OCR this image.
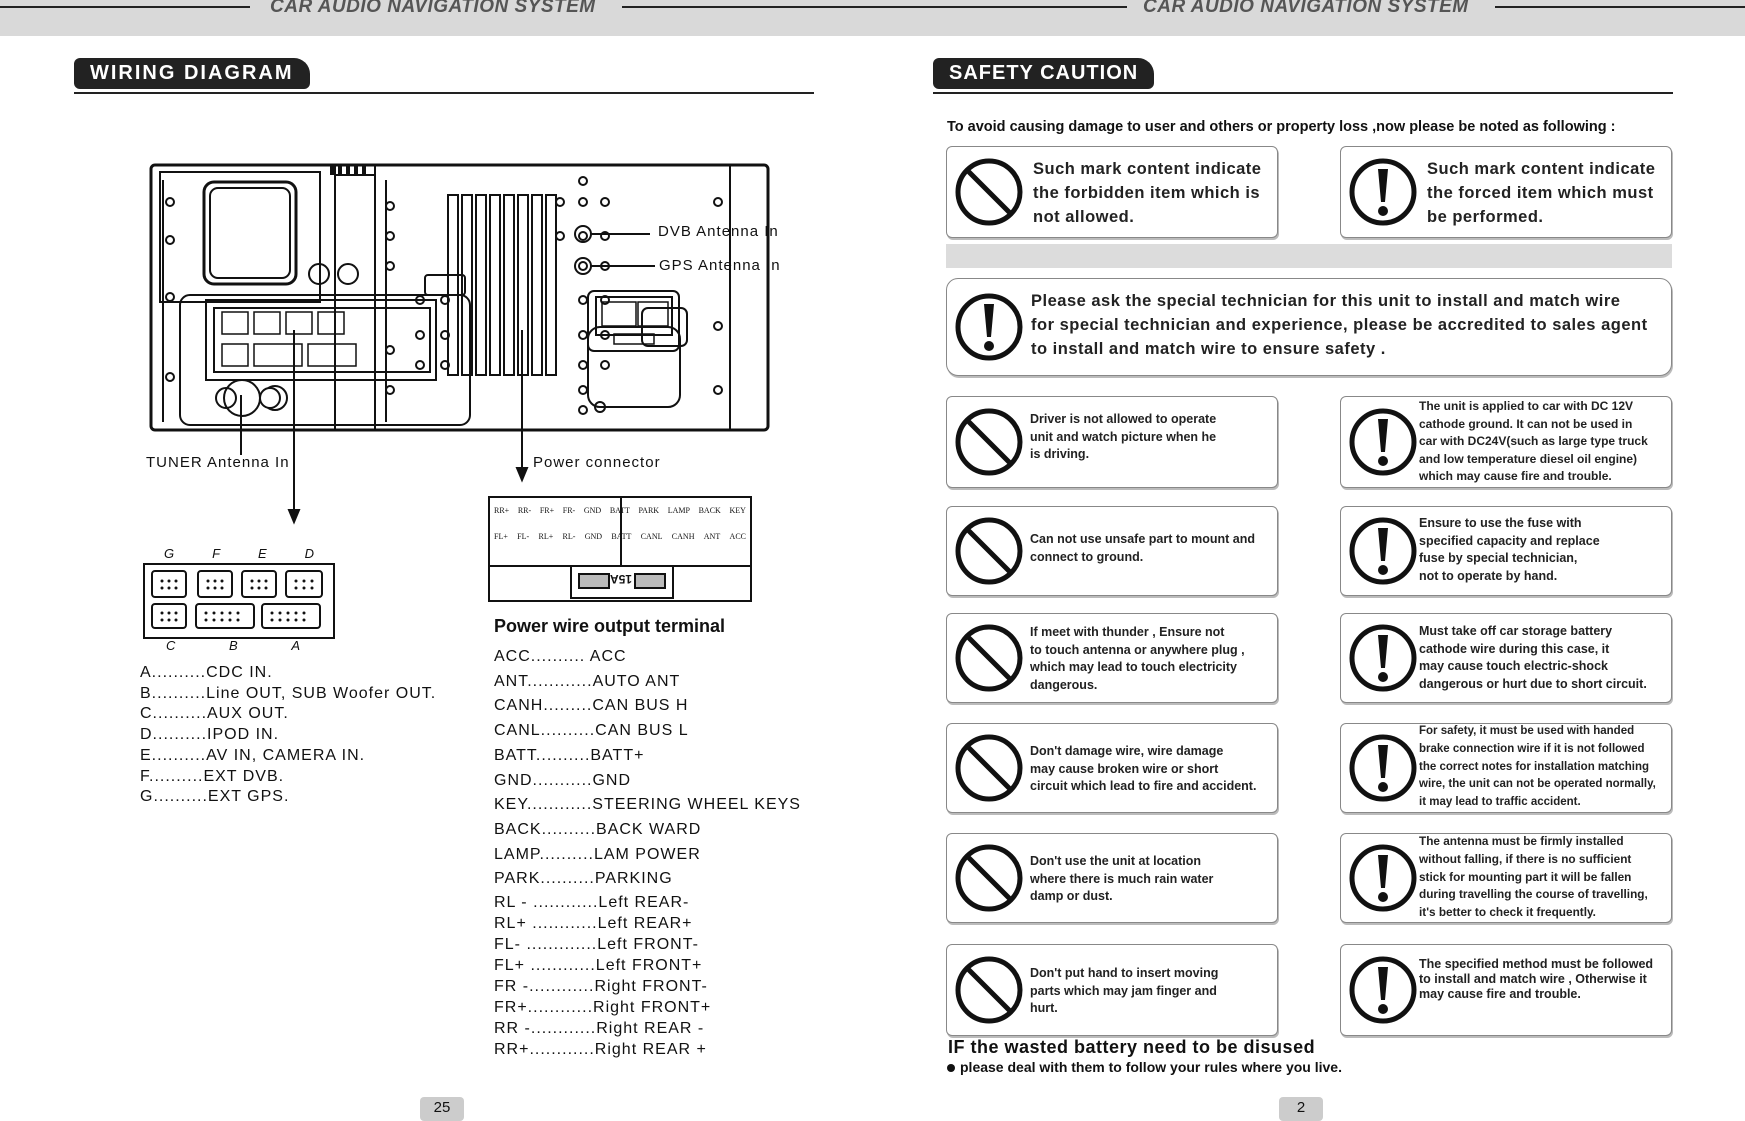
CAR AUDIO NAVIGATION SYSTEM	CAR AUDIO NAVIGATION SYSTEM
WIRING DIAGRAM
DVB Antenna In
GPS Antenna In
TUNER Antenna In	Power connector
G	F	E	D
C	B	A
A..........CDC IN.
B..........Line OUT, SUB Woofer OUT.
C..........AUX OUT.
D..........IPOD IN.
E..........AV IN, CAMERA IN.
F..........EXT DVB.
G..........EXT GPS.
RR+ RR- FR+ FR- GND BATT PARK LAMP BACK KEY
FL+ FL- RL+ RL- GND BATT CANL CANH ANT ACC
15A
Power wire output terminal
ACC.......... ACC
ANT............AUTO ANT
CANH.........CAN BUS H
CANL..........CAN BUS L
BATT..........BATT+
GND...........GND
KEY............STEERING WHEEL KEYS
BACK..........BACK WARD
LAMP..........LAM POWER
PARK..........PARKING
RL - ............Left REAR-
RL+ ............Left REAR+
FL- .............Left FRONT-
FL+ ............Left FRONT+
FR -............Right FRONT-
FR+............Right FRONT+
RR -............Right REAR -
RR+............Right REAR +
25
SAFETY CAUTION
To avoid causing damage to user and others or property loss ,now please be noted as following :
Such mark content indicate
the forbidden item which is
not allowed.
Such mark content indicate
the forced item which must
be performed.
Please ask the special technician for this unit to install and match wire
for special technician and experience, please be accredited to sales agent
to install and match wire to ensure safety .
Driver is not allowed to operate
unit and watch picture when he
is driving.
Can not use unsafe part to mount and
connect to ground.
If meet with thunder , Ensure not
to touch antenna or anywhere plug ,
which may lead to touch electricity
dangerous.
Don't damage wire, wire damage
may cause broken wire or short
circuit which lead to fire and accident.
Don't use the unit at location
where there is much rain water
damp or dust.
Don't put hand to insert moving
parts which may jam finger and
hurt.
The unit is applied to car with DC 12V
cathode ground. It can not be used in
car with DC24V(such as large type truck
and low temperature diesel oil engine)
which may cause fire and trouble.
Ensure to use the fuse with
specified capacity and replace
fuse by special technician,
not to operate by hand.
Must take off car storage battery
cathode wire during this case, it
may cause touch electric-shock
dangerous or hurt due to short circuit.
For safety, it must be used with handed
brake connection wire if it is not followed
the correct notes for installation matching
wire, the unit can not be operated normally,
it may lead to traffic accident.
The antenna must be firmly installed
without falling, if there is no sufficient
stick for mounting part it will be fallen
during travelling the course of travelling,
it's better to check it frequently.
The specified method must be followed
to install and match wire , Otherwise it
may cause fire and trouble.
IF the wasted battery need to be disused
please deal with them to follow your rules where you live.
2
